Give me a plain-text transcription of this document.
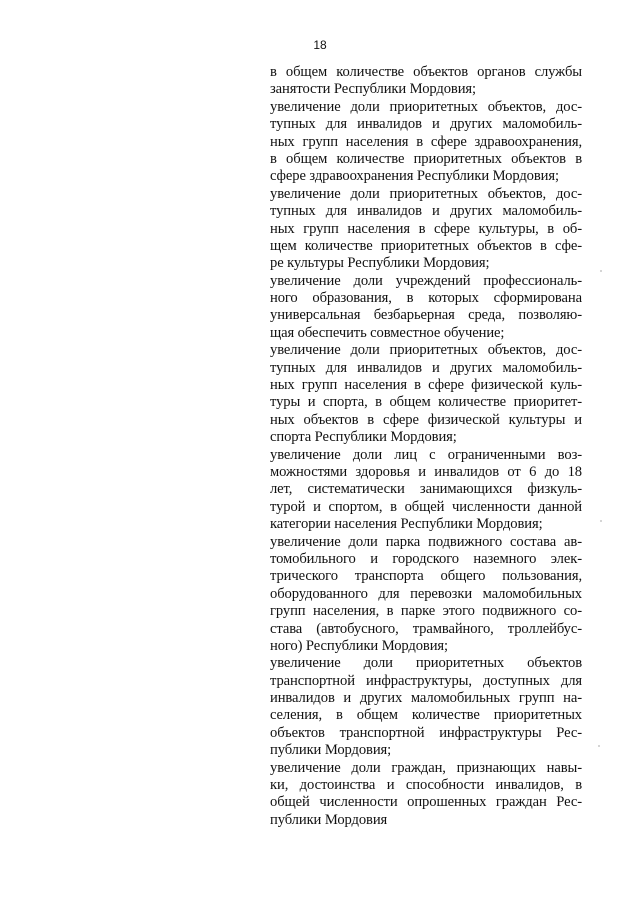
18
в общем количестве объектов органов службы
занятости Республики Мордовия;
увеличение доли приоритетных объектов, дос-
тупных для инвалидов и других маломобиль-
ных групп населения в сфере здравоохранения,
в общем количестве приоритетных объектов в
сфере здравоохранения Республики Мордовия;
увеличение доли приоритетных объектов, дос-
тупных для инвалидов и других маломобиль-
ных групп населения в сфере культуры, в об-
щем количестве приоритетных объектов в сфе-
ре культуры Республики Мордовия;
увеличение доли учреждений профессиональ-
ного образования, в которых сформирована
универсальная безбарьерная среда, позволяю-
щая обеспечить совместное обучение;
увеличение доли приоритетных объектов, дос-
тупных для инвалидов и других маломобиль-
ных групп населения в сфере физической куль-
туры и спорта, в общем количестве приоритет-
ных объектов в сфере физической культуры и
спорта Республики Мордовия;
увеличение доли лиц с ограниченными воз-
можностями здоровья и инвалидов от 6 до 18
лет, систематически занимающихся физкуль-
турой и спортом, в общей численности данной
категории населения Республики Мордовия;
увеличение доли парка подвижного состава ав-
томобильного и городского наземного элек-
трического транспорта общего пользования,
оборудованного для перевозки маломобильных
групп населения, в парке этого подвижного со-
става (автобусного, трамвайного, троллейбус-
ного) Республики Мордовия;
увеличение доли приоритетных объектов
транспортной инфраструктуры, доступных для
инвалидов и других маломобильных групп на-
селения, в общем количестве приоритетных
объектов транспортной инфраструктуры Рес-
публики Мордовия;
увеличение доли граждан, признающих навы-
ки, достоинства и способности инвалидов, в
общей численности опрошенных граждан Рес-
публики Мордовия
